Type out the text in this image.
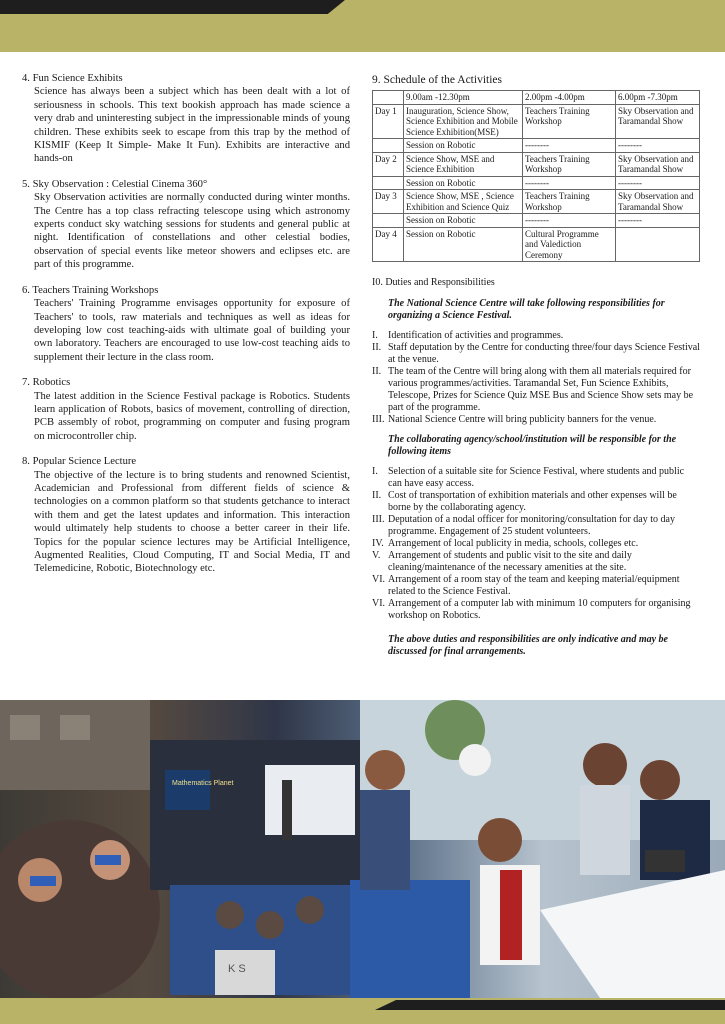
4. Fun Science Exhibits

Science has always been a subject which has been dealt with a lot of seriousness in schools. This text bookish approach has made science a very drab and uninteresting subject in the impressionable minds of young children. These exhibits seek to escape from this trap by the method of KISMIF (Keep It Simple- Make It Fun). Exhibits are interactive and hands-on

5. Sky Observation : Celestial Cinema 360°

Sky Observation activities are normally conducted during winter months. The Centre has a top class refracting telescope using which astronomy experts conduct sky watching sessions for students and general public at night. Identification of constellations and other celestial bodies, observation of special events like meteor showers and eclipses etc. are part of this programme.

6. Teachers Training Workshops

Teachers' Training Programme envisages opportunity for exposure of Teachers' to tools, raw materials and techniques as well as ideas for developing low cost teaching-aids with ultimate goal of building your own laboratory. Teachers are encouraged to use low-cost teaching aids to supplement their lecture in the class room.

7. Robotics

The latest addition in the Science Festival package is Robotics. Students learn application of Robots, basics of movement, controlling of direction, PCB assembly of robot, programming on computer and fusing program on microcontroller chip.

8. Popular Science Lecture

The objective of the lecture is to bring students and renowned Scientist, Academician and Professional from different fields of science & technologies on a common platform so that students getchance to interact with them and get the latest updates and information. This interaction would ultimately help students to choose a better career in their life. Topics for the popular science lectures may be Artificial Intelligence, Augmented Realities, Cloud Computing, IT and Social Media, IT and Telemedicine, Robotic, Biotechnology etc.

9. Schedule of the Activities
	9.00am -12.30pm	2.00pm -4.00pm	6.00pm -7.30pm
Day 1	Inauguration, Science Show, Science Exhibition and Mobile Science Exhibition(MSE)	Teachers Training Workshop	Sky Observation and Taramandal Show
	Session on Robotic	--------	--------
Day 2	Science Show, MSE and Science Exhibition	Teachers Training Workshop	Sky Observation and Taramandal Show
	Session on Robotic	--------	--------
Day 3	Science Show, MSE , Science Exhibition and Science Quiz	Teachers Training Workshop	Sky Observation and Taramandal Show
	Session on Robotic	--------	--------
Day 4	Session on Robotic	Cultural Programme and Valediction Ceremony	
I0. Duties and Responsibilities

The National Science Centre will take following responsibilities for organizing a Science Festival.

I. Identification of activities and programmes.

II. Staff deputation by the Centre for conducting three/four days Science Festival at the venue.

II. The team of the Centre will bring along with them all materials required for various programmes/activities. Taramandal Set, Fun Science Exhibits, Telescope, Prizes for Science Quiz MSE Bus and Science Show sets may be part of the programme.

III. National Science Centre will bring publicity banners for the venue.

The collaborating agency/school/institution will be responsible for the following items

I. Selection of a suitable site for Science Festival, where students and public can have easy access.

II. Cost of transportation of exhibition materials and other expenses will be borne by the collaborating agency.

III. Deputation of a nodal officer for monitoring/consultation for day to day programme. Engagement of 25 student volunteers.

IV. Arrangement of local publicity in media, schools, colleges etc.

V. Arrangement of students and public visit to the site and daily cleaning/maintenance of the necessary amenities at the site.

VI. Arrangement of a room stay of the team and keeping material/equipment related to the Science Festival.

VI. Arrangement of a computer lab with minimum 10 computers for organising workshop on Robotics.

The above duties and responsibilities are only indicative and may be discussed for final arrangements.

Mathematics Planet
K S
